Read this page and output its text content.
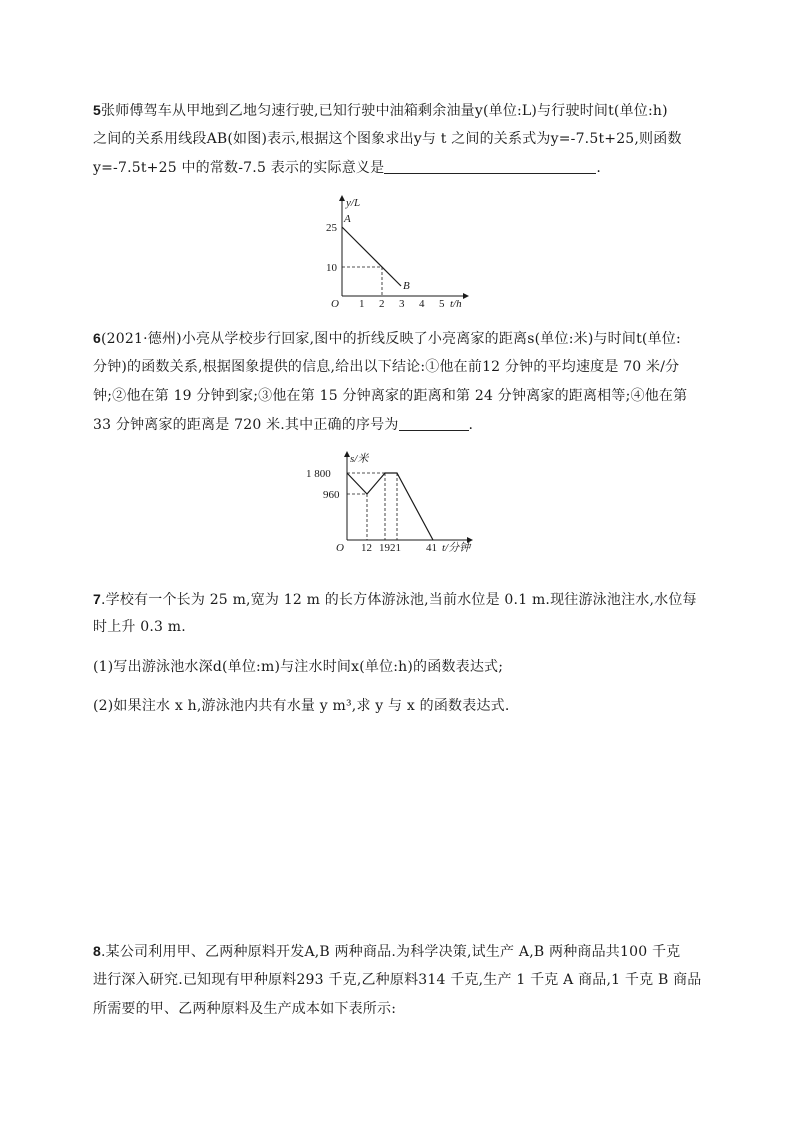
5张师傅驾车从甲地到乙地匀速行驶,已知行驶中油箱剩余油量y(单位:L)与行驶时间t(单位:h)
之间的关系用线段AB(如图)表示,根据这个图象求出y与 t 之间的关系式为y=-7.5t+25,则函数
y=-7.5t+25 中的常数-7.5 表示的实际意义是	.
y/L
t/h
O
A
B
25
10
1 2 3 4 5
6(2021·德州)小亮从学校步行回家,图中的折线反映了小亮离家的距离s(单位:米)与时间t(单位:
分钟)的函数关系,根据图象提供的信息,给出以下结论:①他在前12 分钟的平均速度是 70 米/分
钟;②他在第 19 分钟到家;③他在第 15 分钟离家的距离和第 24 分钟离家的距离相等;④他在第
33 分钟离家的距离是 720 米.其中正确的序号为	.
s/米
t/分钟
O
1 800
960
12 1921 41
7.学校有一个长为 25 m,宽为 12 m 的长方体游泳池,当前水位是 0.1 m.现往游泳池注水,水位每
时上升 0.3 m.
(1)写出游泳池水深d(单位:m)与注水时间x(单位:h)的函数表达式;
(2)如果注水 x h,游泳池内共有水量 y m³,求 y 与 x 的函数表达式.
8.某公司利用甲、乙两种原料开发A,B 两种商品.为科学决策,试生产 A,B 两种商品共100 千克
进行深入研究.已知现有甲种原料293 千克,乙种原料314 千克,生产 1 千克 A 商品,1 千克 B 商品
所需要的甲、乙两种原料及生产成本如下表所示:
